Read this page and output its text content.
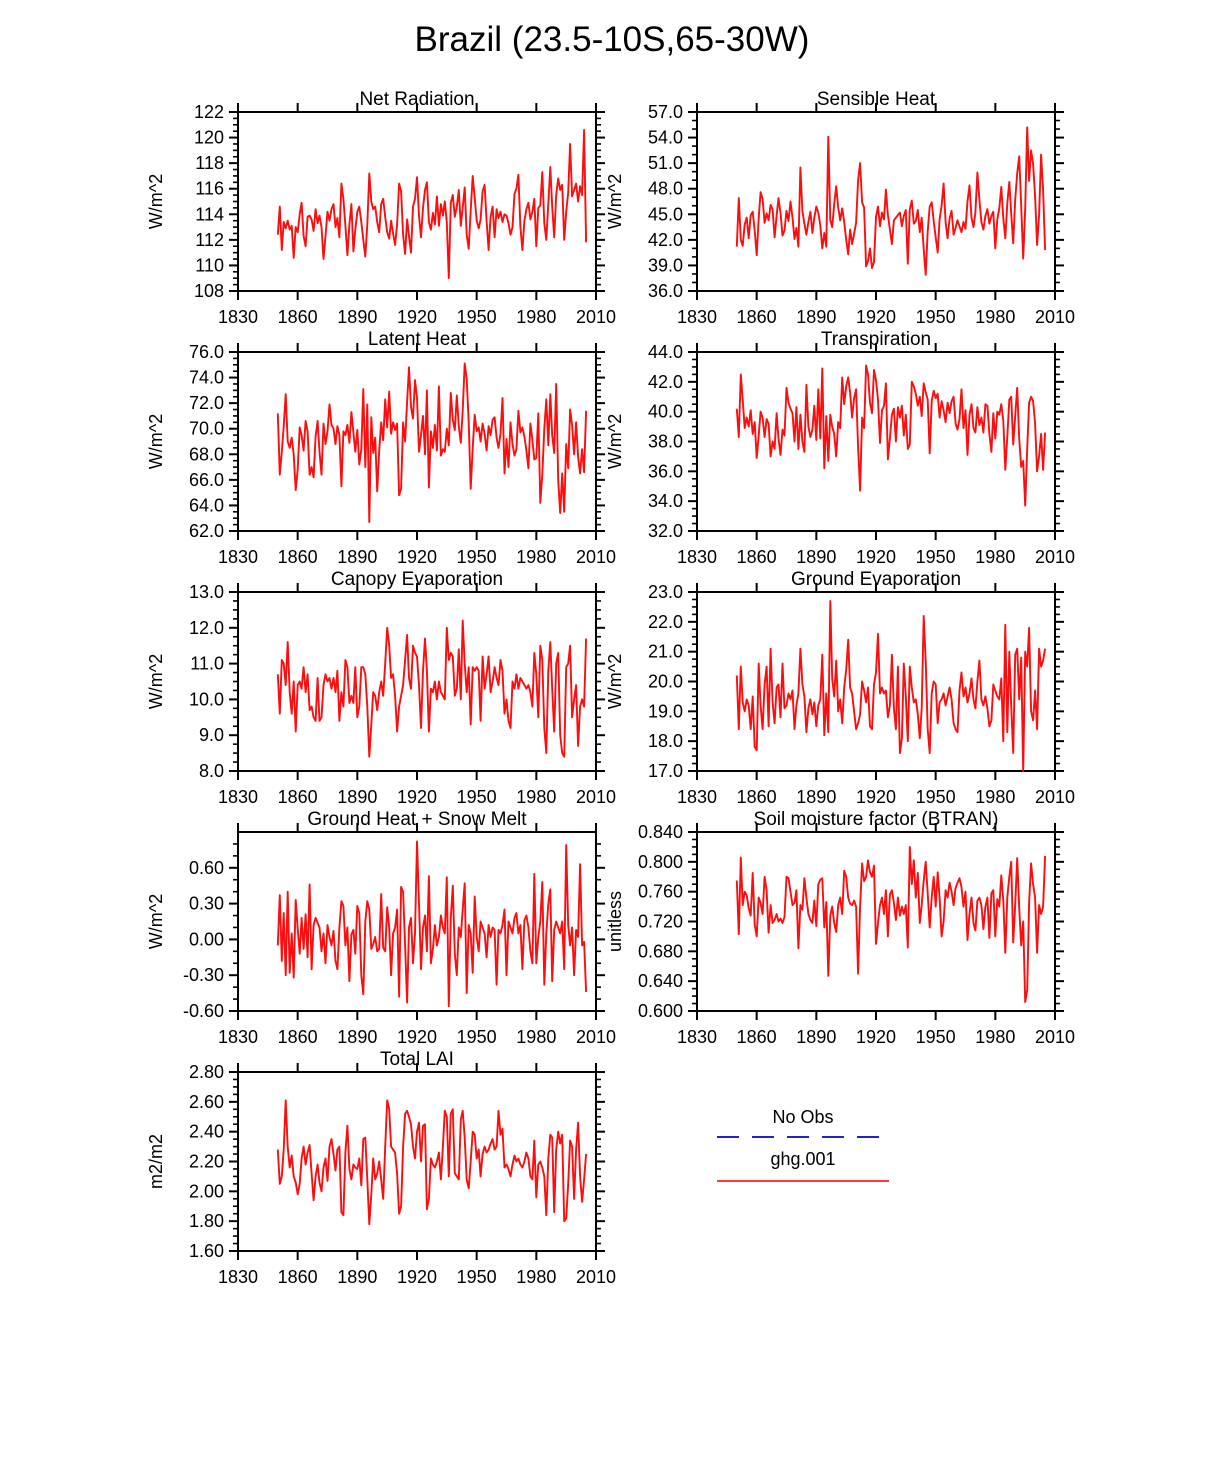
Brazil (23.5-10S,65-30W)
Net Radiation
W/m^2
1830 1860 1890 1920 1950 1980 2010
108
110
112
114
116
118
120
122
Sensible Heat
W/m^2
1830 1860 1890 1920 1950 1980 2010
36.0
39.0
42.0
45.0
48.0
51.0
54.0
57.0
Latent Heat
W/m^2
1830 1860 1890 1920 1950 1980 2010
62.0
64.0
66.0
68.0
70.0
72.0
74.0
76.0
Transpiration
W/m^2
1830 1860 1890 1920 1950 1980 2010
32.0
34.0
36.0
38.0
40.0
42.0
44.0
Canopy Evaporation
W/m^2
1830 1860 1890 1920 1950 1980 2010
8.0
9.0
10.0
11.0
12.0
13.0
Ground Evaporation
W/m^2
1830 1860 1890 1920 1950 1980 2010
17.0
18.0
19.0
20.0
21.0
22.0
23.0
Ground Heat + Snow Melt
W/m^2
1830 1860 1890 1920 1950 1980 2010
-0.60
-0.30
0.00
0.30
0.60
Soil moisture factor (BTRAN)
unitless
1830 1860 1890 1920 1950 1980 2010
0.600
0.640
0.680
0.720
0.760
0.800
0.840
Total LAI
m2/m2
1830 1860 1890 1920 1950 1980 2010
1.60
1.80
2.00
2.20
2.40
2.60
2.80
No Obs
ghg.001
